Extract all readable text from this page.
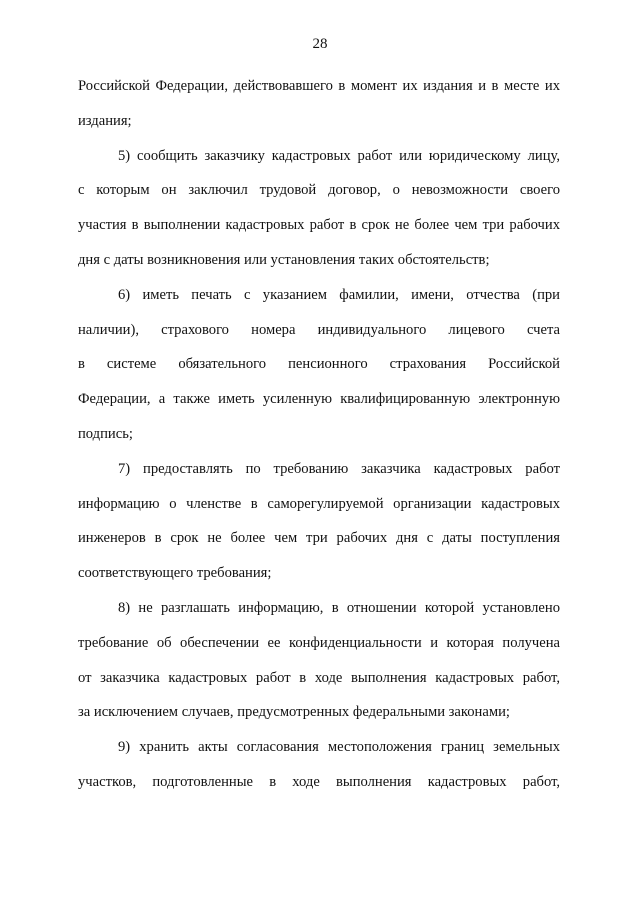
28
Российской Федерации, действовавшего в момент их издания и в месте их
издания;
5) сообщить заказчику кадастровых работ или юридическому лицу,
с которым он заключил трудовой договор, о невозможности своего
участия в выполнении кадастровых работ в срок не более чем три рабочих
дня с даты возникновения или установления таких обстоятельств;
6) иметь печать с указанием фамилии, имени, отчества (при
наличии), страхового номера индивидуального лицевого счета
в системе обязательного пенсионного страхования Российской
Федерации, а также иметь усиленную квалифицированную электронную
подпись;
7) предоставлять по требованию заказчика кадастровых работ
информацию о членстве в саморегулируемой организации кадастровых
инженеров в срок не более чем три рабочих дня с даты поступления
соответствующего требования;
8) не разглашать информацию, в отношении которой установлено
требование об обеспечении ее конфиденциальности и которая получена
от заказчика кадастровых работ в ходе выполнения кадастровых работ,
за исключением случаев, предусмотренных федеральными законами;
9) хранить акты согласования местоположения границ земельных
участков, подготовленные в ходе выполнения кадастровых работ,
